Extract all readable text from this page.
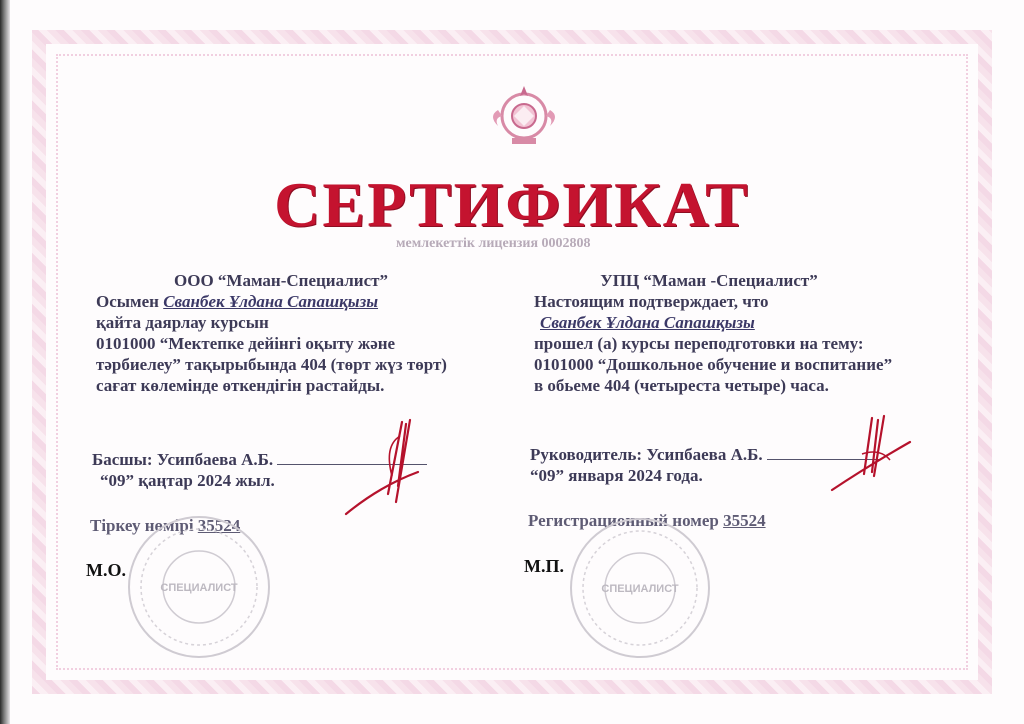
СЕРТИФИКАТ
мемлекеттік лицензия 0002808
ООО “Маман-Специалист”
Осымен Сванбек Ұлдана Сапашқызы
қайта даярлау курсын
0101000 “Мектепке дейінгі оқыту және
тәрбиелеу” тақырыбында 404 (төрт жүз төрт)
сағат көлемінде өткендігін растайды.
Басшы: Усипбаева А.Б.
“09” қаңтар 2024 жыл.
Тіркеу нөмірі 35524
М.О.
УПЦ “Маман -Специалист”
Настоящим подтверждает, что
Сванбек Ұлдана Сапашқызы
прошел (а) курсы переподготовки на тему:
0101000 “Дошкольное обучение и воспитание”
в обьеме 404 (четыреста четыре) часа.
Руководитель: Усипбаева А.Б.
“09” января 2024 года.
Регистрационный номер 35524
М.П.
СПЕЦИАЛИСТ	СПЕЦИАЛИСТ
